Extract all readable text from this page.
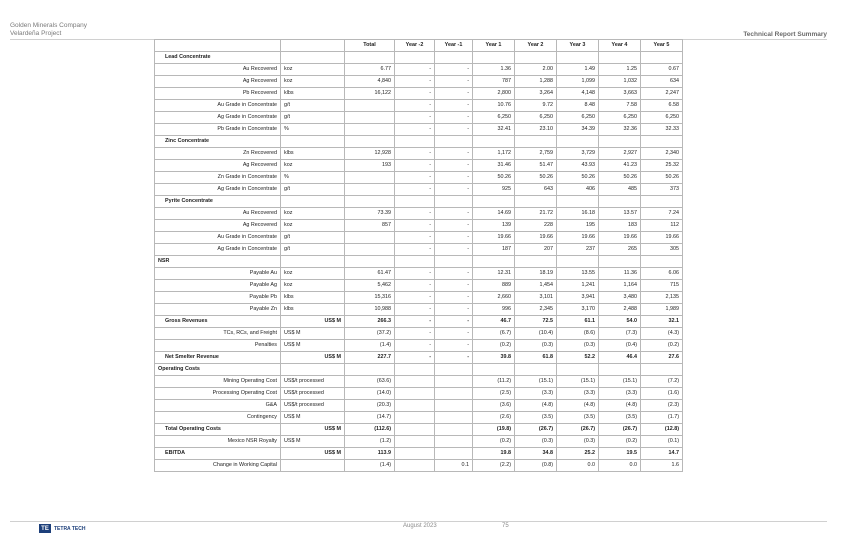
Golden Minerals Company
Velardeña Project	Technical Report Summary
		Total	Year -2	Year -1	Year 1	Year 2	Year 3	Year 4	Year 5
Lead Concentrate									
Au Recovered	koz	6.77	-	-	1.36	2.00	1.49	1.25	0.67
Ag Recovered	koz	4,840	-	-	787	1,288	1,099	1,032	634
Pb Recovered	klbs	16,122	-	-	2,800	3,264	4,148	3,663	2,247
Au Grade in Concentrate	g/t		-	-	10.76	9.72	8.48	7.58	6.58
Ag Grade in Concentrate	g/t		-	-	6,250	6,250	6,250	6,250	6,250
Pb Grade in Concentrate	%		-	-	32.41	23.10	34.39	32.36	32.33
Zinc Concentrate									
Zn Recovered	klbs	12,928	-	-	1,172	2,759	3,729	2,927	2,340
Ag Recovered	koz	193	-	-	31.46	51.47	43.93	41.23	25.32
Zn Grade in Concentrate	%		-	-	50.26	50.26	50.26	50.26	50.26
Ag Grade in Concentrate	g/t		-	-	925	643	406	485	373
Pyrite Concentrate									
Au Recovered	koz	73.39	-	-	14.69	21.72	16.18	13.57	7.24
Ag Recovered	koz	857	-	-	139	228	195	183	112
Au Grade in Concentrate	g/t		-	-	19.66	19.66	19.66	19.66	19.66
Ag Grade in Concentrate	g/t		-	-	187	207	237	265	305
NSR									
Payable Au	koz	61.47	-	-	12.31	18.19	13.55	11.36	6.06
Payable Ag	koz	5,462	-	-	889	1,454	1,241	1,164	715
Payable Pb	klbs	15,316	-	-	2,660	3,101	3,941	3,480	2,135
Payable Zn	klbs	10,988	-	-	996	2,345	3,170	2,488	1,989
Gross Revenues	US$ M	266.3	-	-	46.7	72.5	61.1	54.0	32.1
TCs, RCs, and Freight	US$ M	(37.2)	-	-	(6.7)	(10.4)	(8.6)	(7.3)	(4.3)
Penalties	US$ M	(1.4)	-	-	(0.2)	(0.3)	(0.3)	(0.4)	(0.2)
Net Smelter Revenue	US$ M	227.7	-	-	39.8	61.8	52.2	46.4	27.6
Operating Costs									
Mining Operating Cost	US$/t processed	(63.6)			(11.2)	(15.1)	(15.1)	(15.1)	(7.2)
Processing Operating Cost	US$/t processed	(14.0)			(2.5)	(3.3)	(3.3)	(3.3)	(1.6)
G&A	US$/t processed	(20.3)			(3.6)	(4.8)	(4.8)	(4.8)	(2.3)
Contingency	US$ M	(14.7)			(2.6)	(3.5)	(3.5)	(3.5)	(1.7)
Total Operating Costs	US$ M	(112.6)			(19.8)	(26.7)	(26.7)	(26.7)	(12.8)
Mexico NSR Royalty	US$ M	(1.2)			(0.2)	(0.3)	(0.3)	(0.2)	(0.1)
EBITDA	US$ M	113.9			19.8	34.8	25.2	19.5	14.7
Change in Working Capital		(1.4)		0.1	(2.2)	(0.8)	0.0	0.0	1.6
TE	TETRA TECH	August 2023	75
